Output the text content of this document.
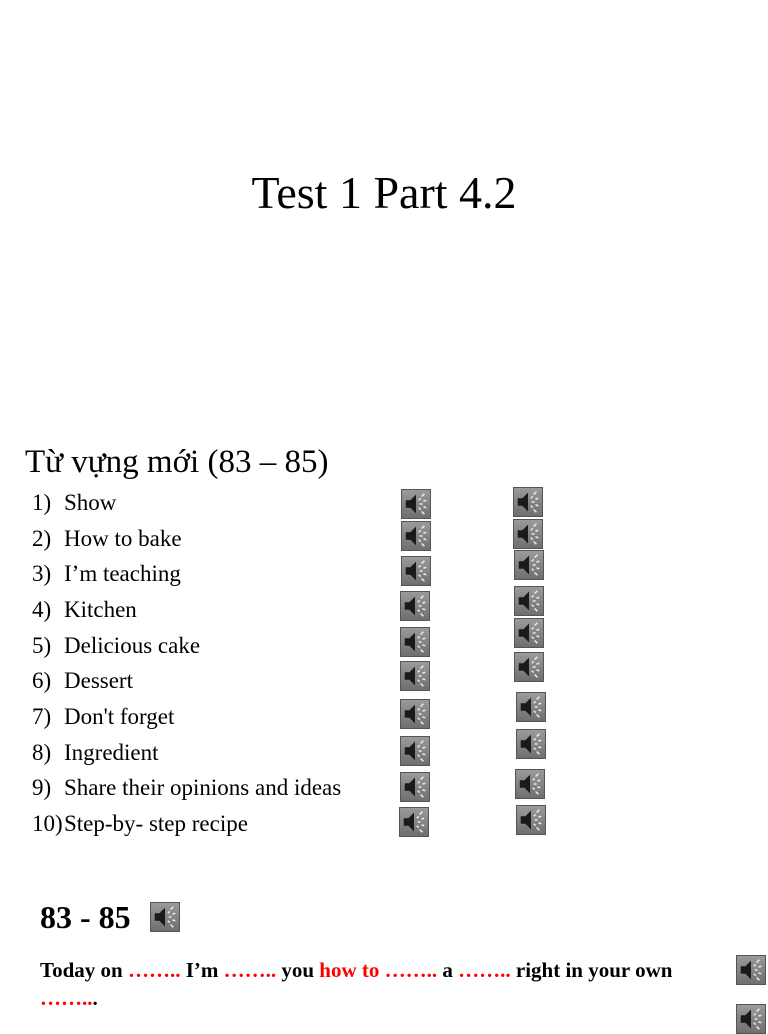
Test 1 Part 4.2
Từ vựng mới (83 – 85)
1) Show
2) How to bake
3) I’m teaching
4) Kitchen
5) Delicious cake
6) Dessert
7) Don't forget
8) Ingredient
9) Share their opinions and ideas
10)Step-by- step recipe
83 - 85
Today on …….. I’m …….. you how to …….. a …….. right in your own ……...
